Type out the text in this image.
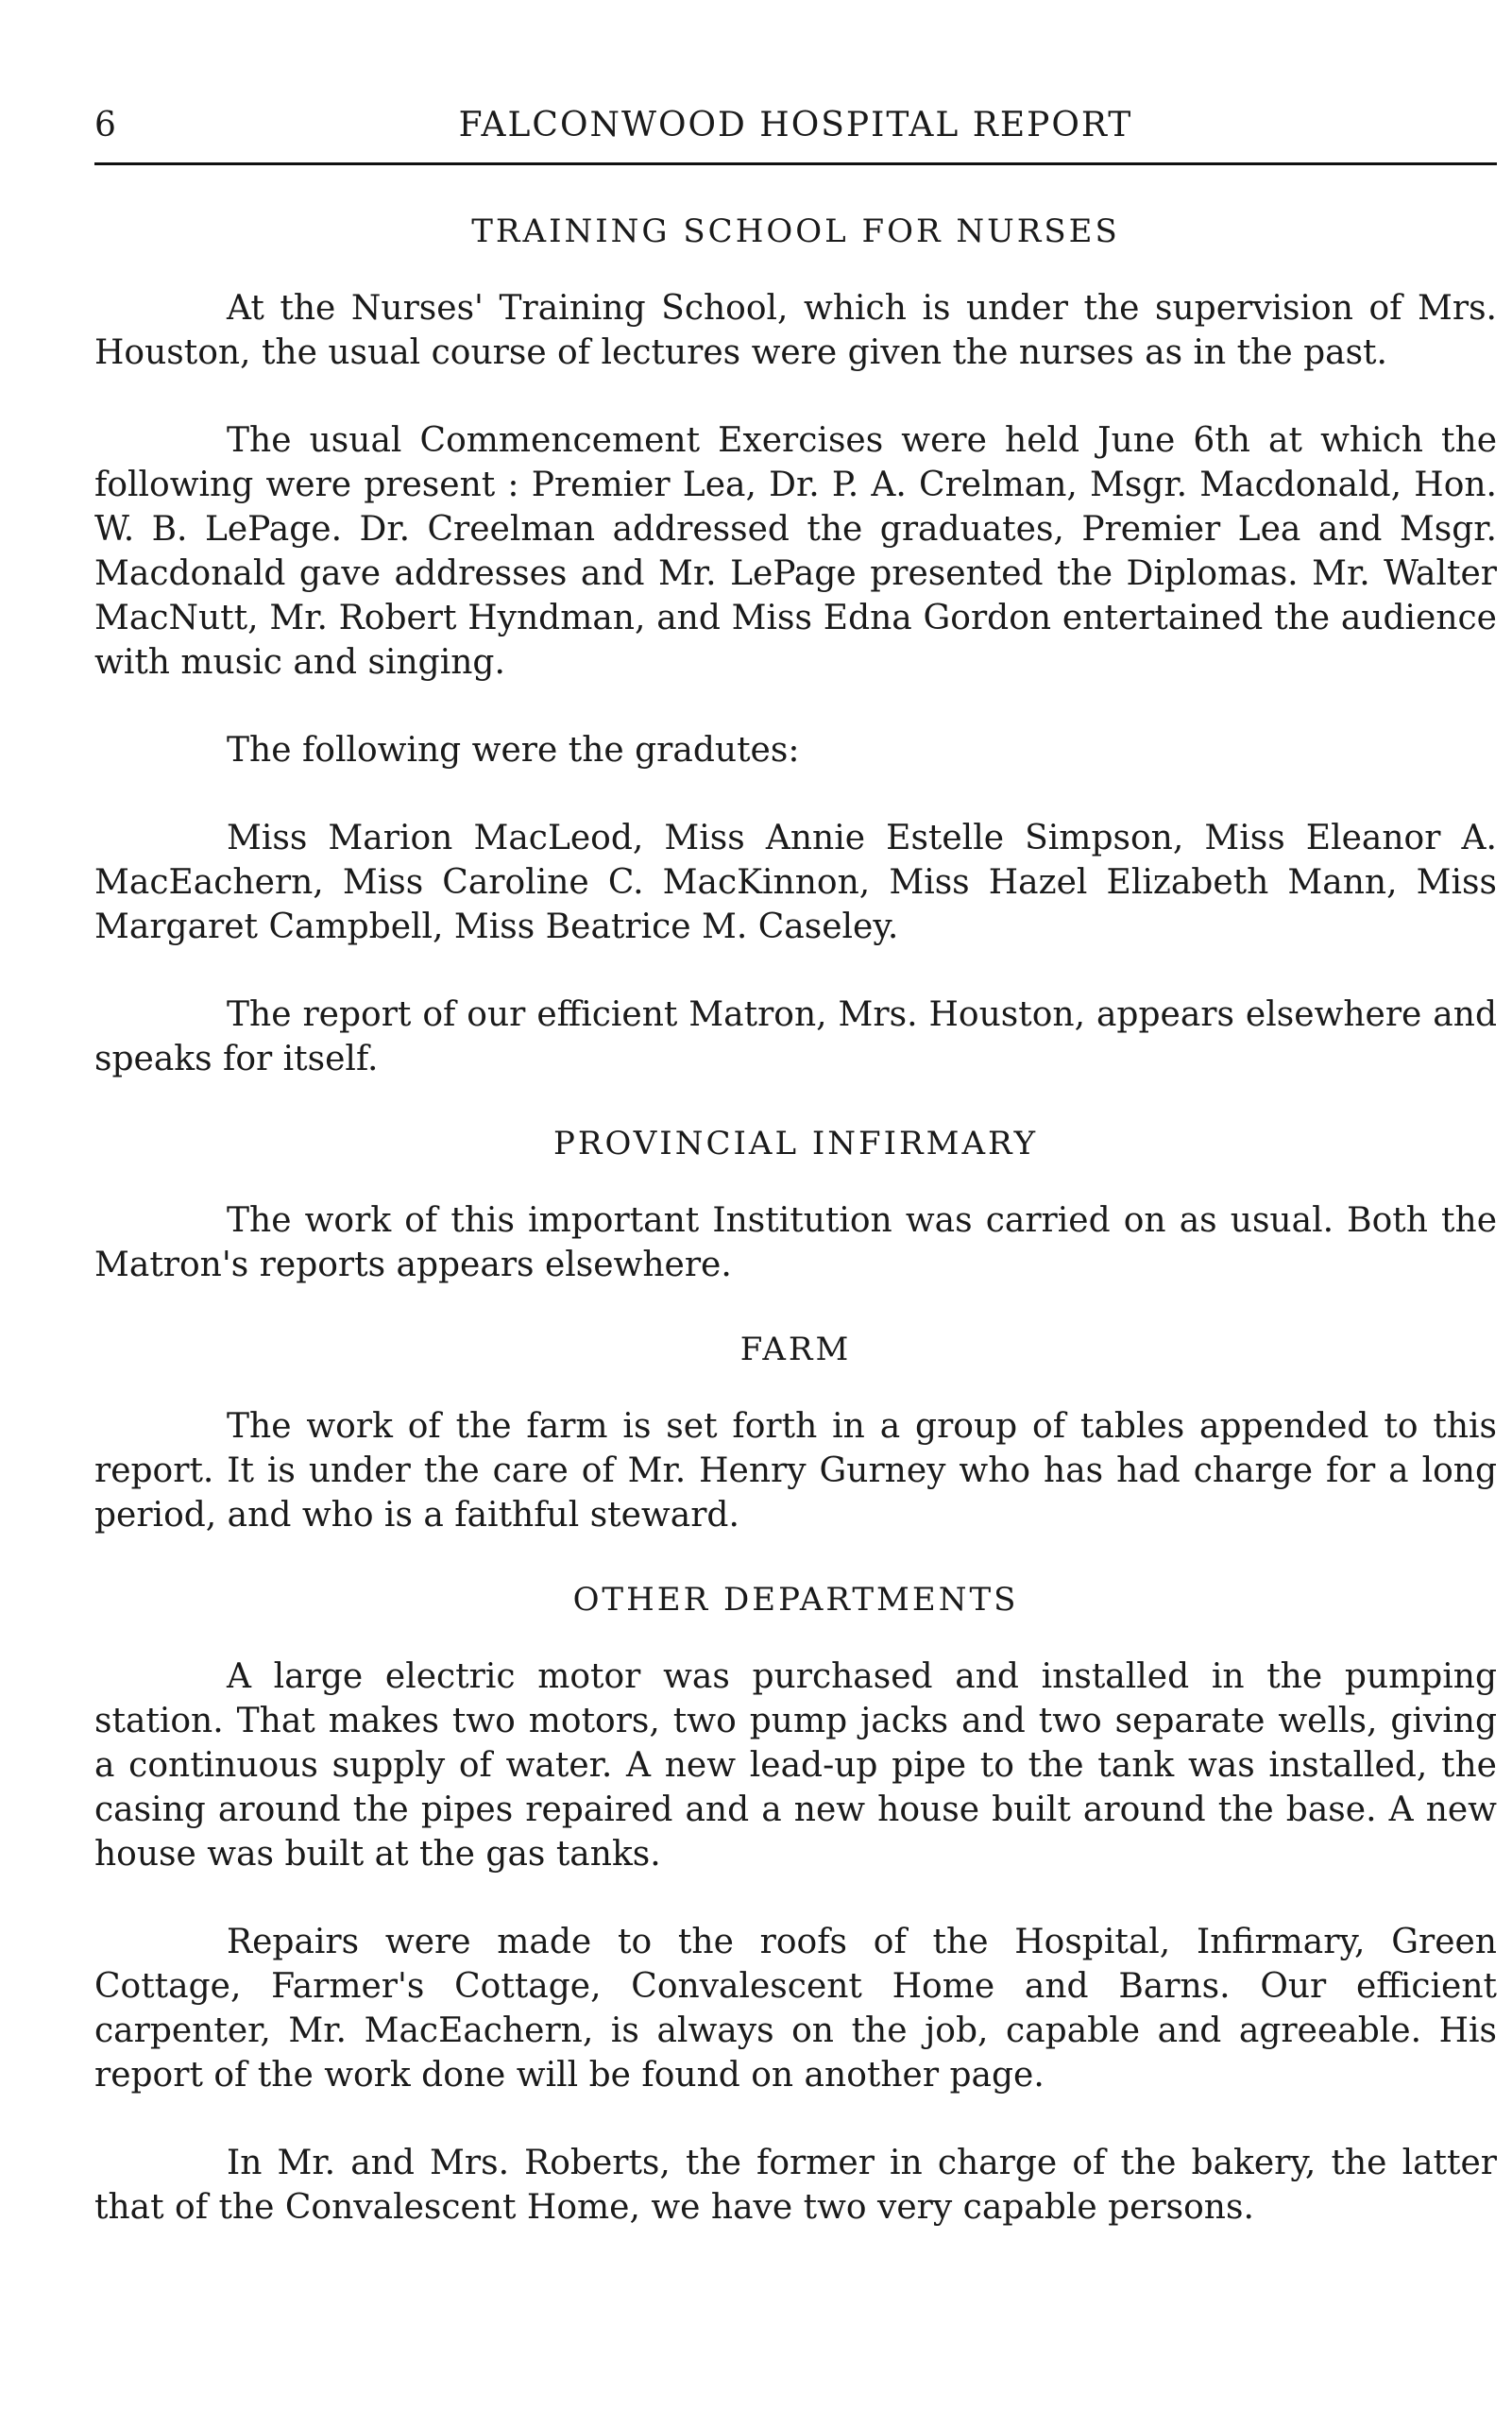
6	FALCONWOOD HOSPITAL REPORT
TRAINING SCHOOL FOR NURSES

At the Nurses' Training School, which is under the supervision of Mrs. Houston, the usual course of lectures were given the nurses as in the past.

The usual Commencement Exercises were held June 6th at which the following were present : Premier Lea, Dr. P. A. Crelman, Msgr. Macdonald, Hon. W. B. LePage. Dr. Creelman addressed the graduates, Premier Lea and Msgr. Macdonald gave addresses and Mr. LePage presented the Diplomas. Mr. Walter MacNutt, Mr. Robert Hyndman, and Miss Edna Gordon entertained the audience with music and singing.

The following were the gradutes:

Miss Marion MacLeod, Miss Annie Estelle Simpson, Miss Eleanor A. MacEachern, Miss Caroline C. MacKinnon, Miss Hazel Elizabeth Mann, Miss Margaret Campbell, Miss Beatrice M. Caseley.

The report of our efficient Matron, Mrs. Houston, appears elsewhere and speaks for itself.

PROVINCIAL INFIRMARY

The work of this important Institution was carried on as usual. Both the Matron's reports appears elsewhere.

FARM

The work of the farm is set forth in a group of tables appended to this report. It is under the care of Mr. Henry Gurney who has had charge for a long period, and who is a faithful steward.

OTHER DEPARTMENTS

A large electric motor was purchased and installed in the pumping station. That makes two motors, two pump jacks and two separate wells, giving a continuous supply of water. A new lead-up pipe to the tank was installed, the casing around the pipes repaired and a new house built around the base. A new house was built at the gas tanks.

Repairs were made to the roofs of the Hospital, Infirmary, Green Cottage, Farmer's Cottage, Convalescent Home and Barns. Our efficient carpenter, Mr. MacEachern, is always on the job, capable and agreeable. His report of the work done will be found on another page.

In Mr. and Mrs. Roberts, the former in charge of the bakery, the latter that of the Convalescent Home, we have two very capable persons.
